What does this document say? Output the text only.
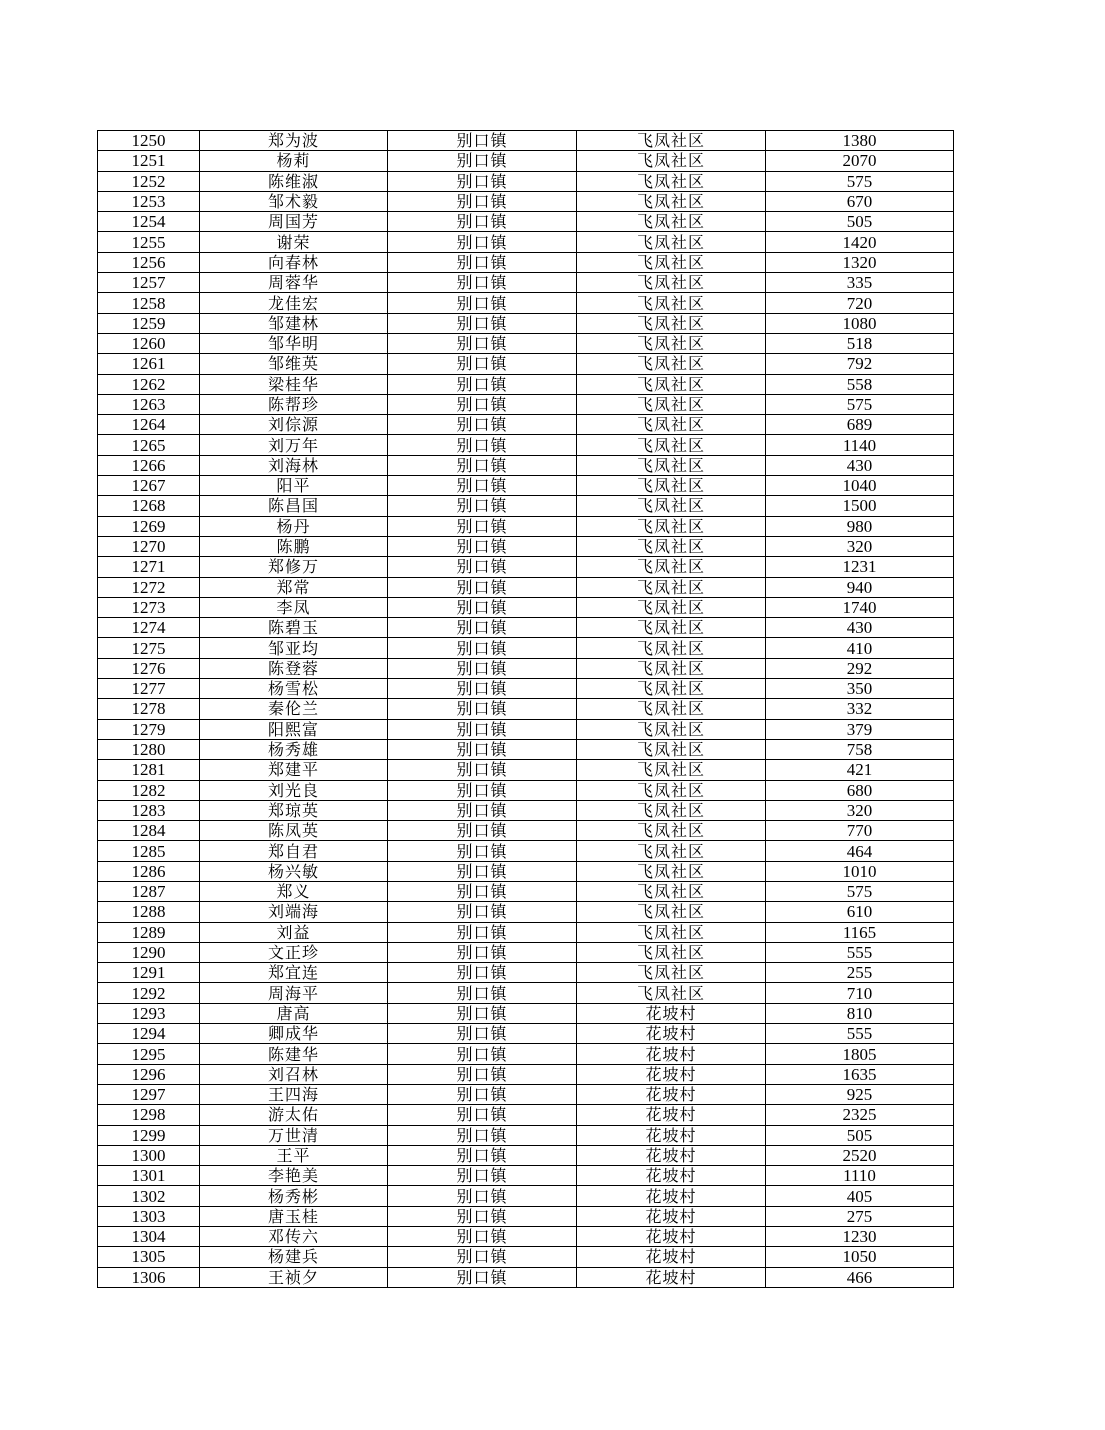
1250	郑为波	别口镇	飞凤社区	1380
1251	杨莉	别口镇	飞凤社区	2070
1252	陈维淑	别口镇	飞凤社区	575
1253	邹术毅	别口镇	飞凤社区	670
1254	周国芳	别口镇	飞凤社区	505
1255	谢荣	别口镇	飞凤社区	1420
1256	向春林	别口镇	飞凤社区	1320
1257	周蓉华	别口镇	飞凤社区	335
1258	龙佳宏	别口镇	飞凤社区	720
1259	邹建林	别口镇	飞凤社区	1080
1260	邹华明	别口镇	飞凤社区	518
1261	邹维英	别口镇	飞凤社区	792
1262	梁桂华	别口镇	飞凤社区	558
1263	陈帮珍	别口镇	飞凤社区	575
1264	刘倧源	别口镇	飞凤社区	689
1265	刘万年	别口镇	飞凤社区	1140
1266	刘海林	别口镇	飞凤社区	430
1267	阳平	别口镇	飞凤社区	1040
1268	陈昌国	别口镇	飞凤社区	1500
1269	杨丹	别口镇	飞凤社区	980
1270	陈鹏	别口镇	飞凤社区	320
1271	郑修万	别口镇	飞凤社区	1231
1272	郑常	别口镇	飞凤社区	940
1273	李凤	别口镇	飞凤社区	1740
1274	陈碧玉	别口镇	飞凤社区	430
1275	邹亚均	别口镇	飞凤社区	410
1276	陈登蓉	别口镇	飞凤社区	292
1277	杨雪松	别口镇	飞凤社区	350
1278	秦伦兰	别口镇	飞凤社区	332
1279	阳熙富	别口镇	飞凤社区	379
1280	杨秀雄	别口镇	飞凤社区	758
1281	郑建平	别口镇	飞凤社区	421
1282	刘光良	别口镇	飞凤社区	680
1283	郑琼英	别口镇	飞凤社区	320
1284	陈凤英	别口镇	飞凤社区	770
1285	郑自君	别口镇	飞凤社区	464
1286	杨兴敏	别口镇	飞凤社区	1010
1287	郑义	别口镇	飞凤社区	575
1288	刘端海	别口镇	飞凤社区	610
1289	刘益	别口镇	飞凤社区	1165
1290	文正珍	别口镇	飞凤社区	555
1291	郑宜连	别口镇	飞凤社区	255
1292	周海平	别口镇	飞凤社区	710
1293	唐高	别口镇	花坡村	810
1294	卿成华	别口镇	花坡村	555
1295	陈建华	别口镇	花坡村	1805
1296	刘召林	别口镇	花坡村	1635
1297	王四海	别口镇	花坡村	925
1298	游太佑	别口镇	花坡村	2325
1299	万世清	别口镇	花坡村	505
1300	王平	别口镇	花坡村	2520
1301	李艳美	别口镇	花坡村	1110
1302	杨秀彬	别口镇	花坡村	405
1303	唐玉桂	别口镇	花坡村	275
1304	邓传六	别口镇	花坡村	1230
1305	杨建兵	别口镇	花坡村	1050
1306	王祯夕	别口镇	花坡村	466
